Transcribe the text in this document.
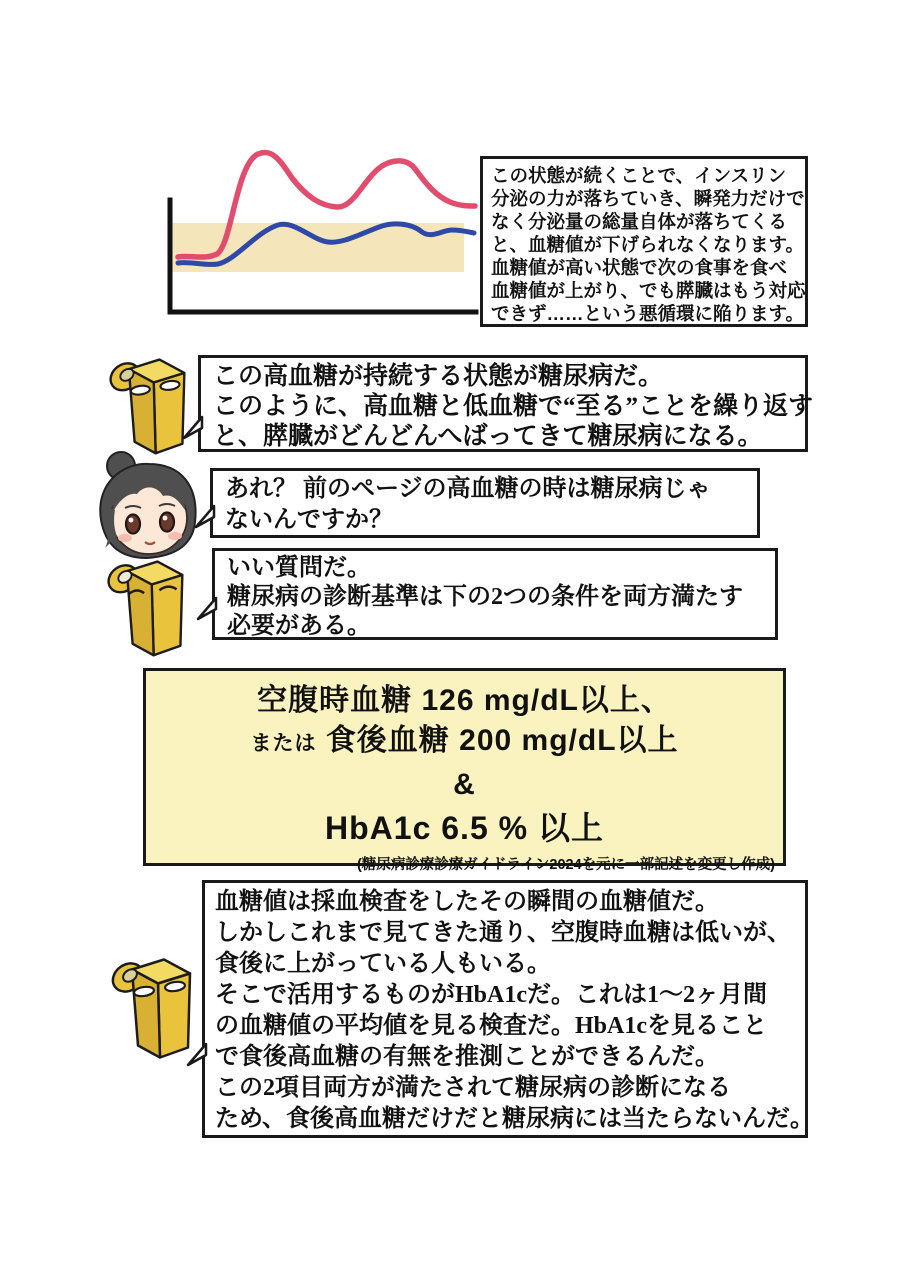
この状態が続くことで、インスリン
分泌の力が落ちていき、瞬発力だけで
なく分泌量の総量自体が落ちてくる
と、血糖値が下げられなくなります。
血糖値が高い状態で次の食事を食べ
血糖値が上がり、でも膵臓はもう対応
できず……という悪循環に陥ります。
この高血糖が持続する状態が糖尿病だ。
このように、高血糖と低血糖で“至る”ことを繰り返す
と、膵臓がどんどんへばってきて糖尿病になる。
あれ？ 前のページの高血糖の時は糖尿病じゃ
ないんですか？
いい質問だ。
糖尿病の診断基準は下の2つの条件を両方満たす
必要がある。
空腹時血糖 126 mg/dL以上、
または 食後血糖 200 mg/dL以上
&
HbA1c 6.5 % 以上
(糖尿病診療診療ガイドライン2024を元に一部記述を変更し作成)
血糖値は採血検査をしたその瞬間の血糖値だ。
しかしこれまで見てきた通り、空腹時血糖は低いが、
食後に上がっている人もいる。
そこで活用するものがHbA1cだ。これは1〜2ヶ月間
の血糖値の平均値を見る検査だ。HbA1cを見ること
で食後高血糖の有無を推測ことができるんだ。
この2項目両方が満たされて糖尿病の診断になる
ため、食後高血糖だけだと糖尿病には当たらないんだ。
